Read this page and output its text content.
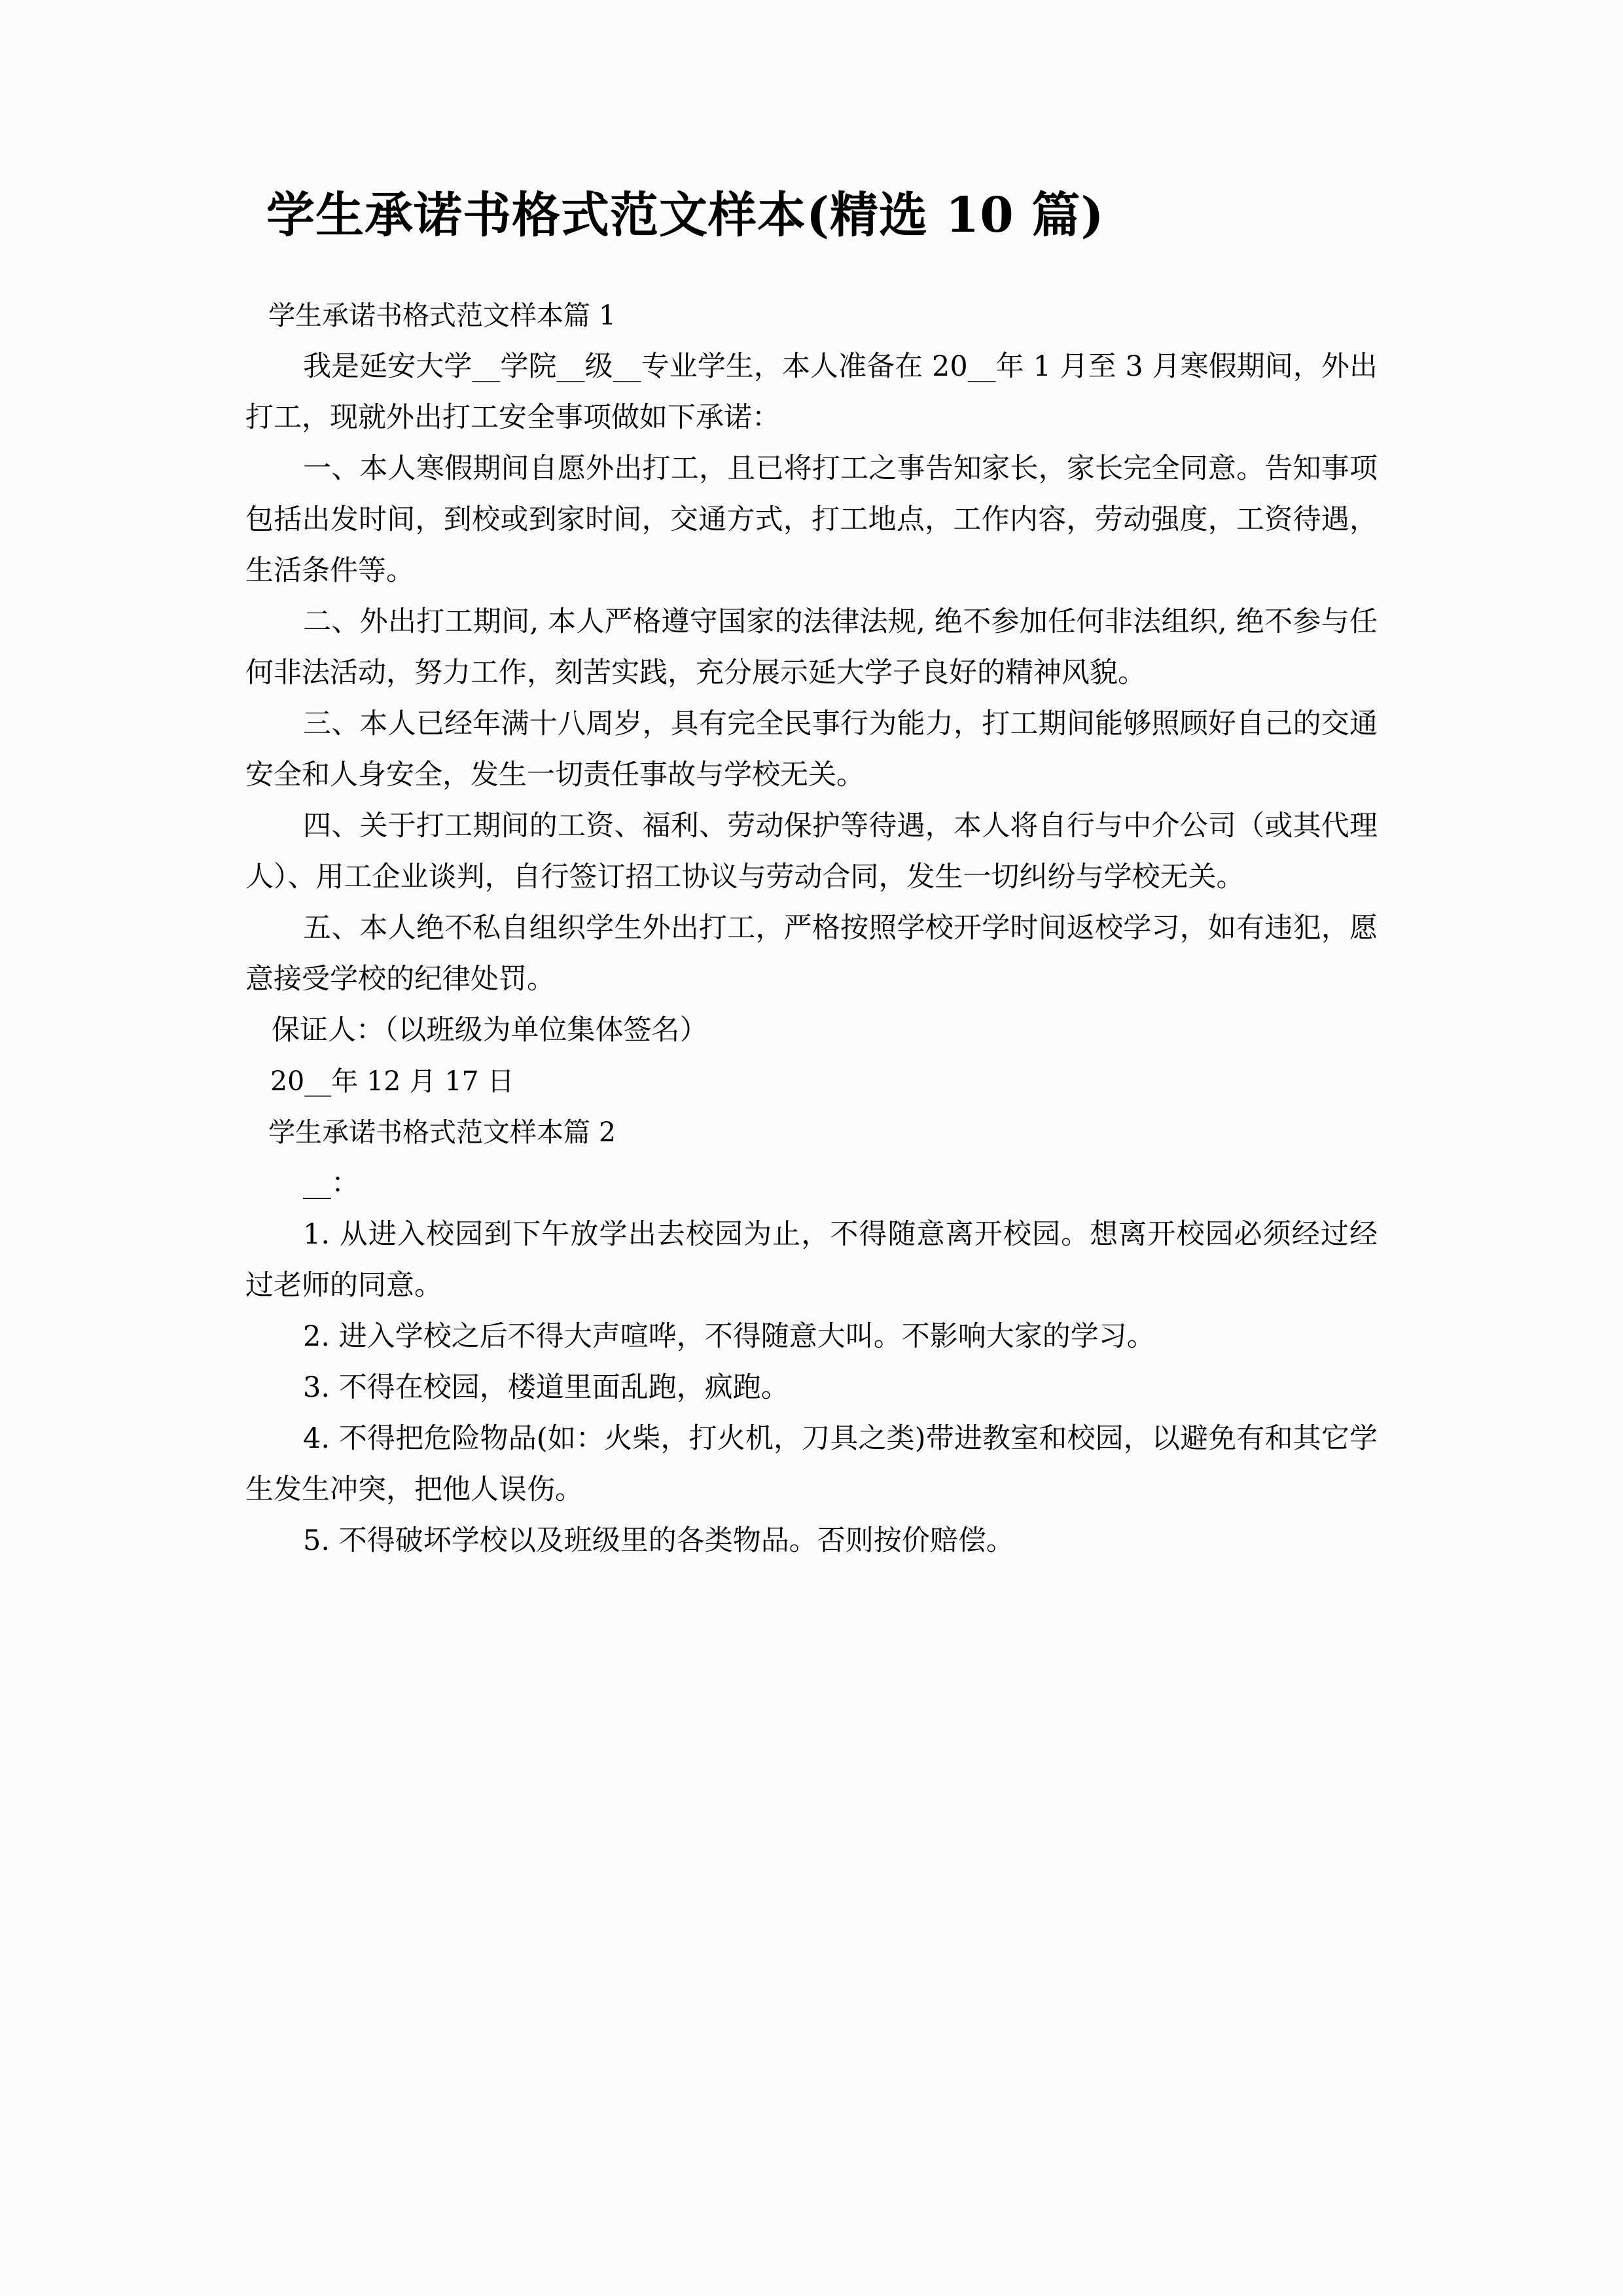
学生承诺书格式范文样本(精选 10 篇)

学生承诺书格式范文样本篇 1

我是延安大学__学院__级__专业学生，本人准备在 20__年 1 月至 3 月寒假期间，外出打工，现就外出打工安全事项做如下承诺：

一、本人寒假期间自愿外出打工，且已将打工之事告知家长，家长完全同意。告知事项包括出发时间，到校或到家时间，交通方式，打工地点，工作内容，劳动强度，工资待遇，生活条件等。

二、外出打工期间, 本人严格遵守国家的法律法规, 绝不参加任何非法组织, 绝不参与任何非法活动，努力工作，刻苦实践，充分展示延大学子良好的精神风貌。

三、本人已经年满十八周岁，具有完全民事行为能力，打工期间能够照顾好自己的交通安全和人身安全，发生一切责任事故与学校无关。

四、关于打工期间的工资、福利、劳动保护等待遇，本人将自行与中介公司（或其代理人）、用工企业谈判，自行签订招工协议与劳动合同，发生一切纠纷与学校无关。

五、本人绝不私自组织学生外出打工，严格按照学校开学时间返校学习，如有违犯，愿意接受学校的纪律处罚。

保证人：（以班级为单位集体签名）

20__年 12 月 17 日

学生承诺书格式范文样本篇 2

__：

1. 从进入校园到下午放学出去校园为止，不得随意离开校园。想离开校园必须经过经过老师的同意。

2. 进入学校之后不得大声喧哗，不得随意大叫。不影响大家的学习。

3. 不得在校园，楼道里面乱跑，疯跑。

4. 不得把危险物品(如：火柴，打火机，刀具之类)带进教室和校园，以避免有和其它学生发生冲突，把他人误伤。

5. 不得破坏学校以及班级里的各类物品。否则按价赔偿。
